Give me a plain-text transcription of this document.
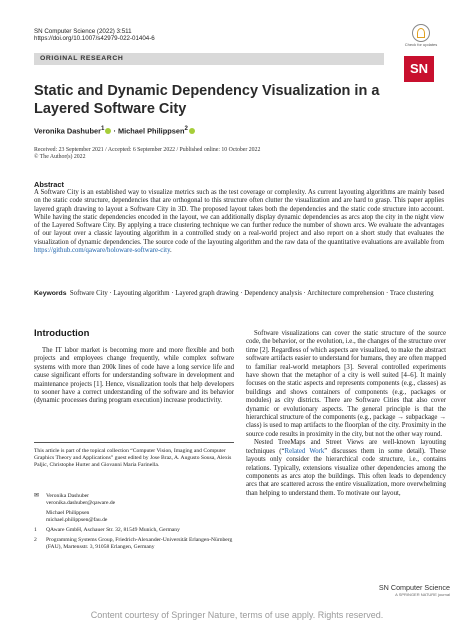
SN Computer Science (2022) 3:511
https://doi.org/10.1007/s42979-022-01404-6
Check for updates
ORIGINAL RESEARCH
SN
Static and Dynamic Dependency Visualization in a Layered Software City
Veronika Dashuber$^1$ · Michael Philippsen$^2$
Received: 23 September 2021 / Accepted: 6 September 2022 / Published online: 10 October 2022
© The Author(s) 2022
Abstract
A Software City is an established way to visualize metrics such as the test coverage or complexity. As current layouting algorithms are mainly based on the static code structure, dependencies that are orthogonal to this structure often clutter the visualization and are hard to grasp. This paper applies layered graph drawing to layout a Software City in 3D. The proposed layout takes both the dependencies and the static code structure into account. While having the static dependencies encoded in the layout, we can additionally display dynamic dependencies as arcs atop the city in the night view of the Layered Software City. By applying a trace clustering technique we can further reduce the number of shown arcs. We evaluate the advantages of our layout over a classic layouting algorithm in a controlled study on a real-world project and also report on a short study that evaluates the visualization of dynamic dependencies. The source code of the layouting algorithm and the raw data of the quantitative evaluations are available from https://github.com/qaware/holoware-software-city.
Keywords Software City · Layouting algorithm · Layered graph drawing · Dependency analysis · Architecture comprehension · Trace clustering
Introduction

The IT labor market is becoming more and more flexible and both projects and employees change frequently, while complex software systems with more than 200k lines of code have a long service life and cause significant efforts for understanding software in development and maintenance projects [1]. Hence, visualization tools that help developers to sooner have a correct understanding of the software and its behavior (dynamic processes during program execution) increase productivity.

This article is part of the topical collection “Computer Vision, Imaging and Computer Graphics Theory and Applications” guest edited by Jose Braz, A. Augusto Sousa, Alexis Paljic, Christophe Hurter and Giovanni Maria Farinella.
✉	Veronika Dashuber
veronika.dashuber@qaware.de
Michael Philippsen
michael.philippsen@fau.de
1	QAware GmbH, Aschauer Str. 32, 81549 Munich, Germany
2	Programming Systems Group, Friedrich-Alexander-Universität Erlangen-Nürnberg (FAU), Martensstr. 3, 91058 Erlangen, Germany

Software visualizations can cover the static structure of the source code, the behavior, or the evolution, i.e., the changes of the structure over time [2]. Regardless of which aspects are visualized, to make the abstract software artifacts easier to understand for humans, they are often mapped to familiar real-world metaphors [3]. Several controlled experiments have shown that the metaphor of a city is well suited [4–6]. It mainly focuses on the static aspects and represents components (e.g., classes) as buildings and shows containers of components (e.g., packages or modules) as city districts. There are Software Cities that also cover dynamic or evolutionary aspects. The general principle is that the hierarchical structure of the components (e.g., package → subpackage → class) is used to map artifacts to the floorplan of the city. Proximity in the source code results in proximity in the city, but not the other way round.

Nested TreeMaps and Street Views are well-known layouting techniques (“Related Work” discusses them in some detail). These layouts only consider the hierarchical code structure, i.e., contains relations. Typically, extensions visualize other dependencies among the components as arcs atop the buildings. This often leads to dependency arcs that are scattered across the entire visualization, more overwhelming than helping to understand them. To motivate our layout,

SN Computer Science
A SPRINGER NATURE journal
Content courtesy of Springer Nature, terms of use apply. Rights reserved.
